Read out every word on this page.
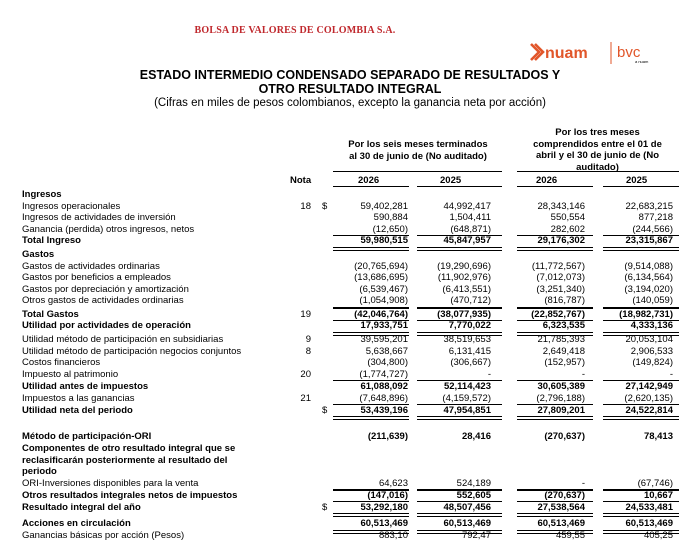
BOLSA DE VALORES DE COLOMBIA S.A.
nuam bvc
a nuam
ESTADO INTERMEDIO CONDENSADO SEPARADO DE RESULTADOS Y
OTRO RESULTADO INTEGRAL
(Cifras en miles de pesos colombianos, excepto la ganancia neta por acción)
Por los seis meses terminados
al 30 de junio de (No auditado)
Por los tres meses
comprendidos entre el 01 de
abril y el 30 de junio de (No
auditado)
Nota	2026	2025	2026	2025
Ingresos
Ingresos operacionales	18 $	59,402,281	44,992,417	28,343,146	22,683,215
Ingresos de actividades de inversión	590,884	1,504,411	550,554	877,218
Ganancia (perdida) otros ingresos, netos	(12,650)	(648,871)	282,602	(244,566)
Total Ingreso	59,980,515	45,847,957	29,176,302	23,315,867
Gastos
Gastos de actividades ordinarias	(20,765,694)	(19,290,696)	(11,772,567)	(9,514,088)
Gastos por beneficios a empleados	(13,686,695)	(11,902,976)	(7,012,073)	(6,134,564)
Gastos por depreciación y amortización	(6,539,467)	(6,413,551)	(3,251,340)	(3,194,020)
Otros gastos de actividades ordinarias	(1,054,908)	(470,712)	(816,787)	(140,059)
Total Gastos	19	(42,046,764)	(38,077,935)	(22,852,767)	(18,982,731)
Utilidad por actividades de operación	17,933,751	7,770,022	6,323,535	4,333,136
Utilidad método de participación en subsidiarias	9	39,595,201	38,519,653	21,785,393	20,053,104
Utilidad método de participación negocios conjuntos	8	5,638,667	6,131,415	2,649,418	2,906,533
Costos financieros	(304,800)	(306,667)	(152,957)	(149,824)
Impuesto al patrimonio	20	(1,774,727)	-	-	-
Utilidad antes de impuestos	61,088,092	52,114,423	30,605,389	27,142,949
Impuestos a las ganancias	21	(7,648,896)	(4,159,572)	(2,796,188)	(2,620,135)
Utilidad neta del periodo	$	53,439,196	47,954,851	27,809,201	24,522,814
Método de participación-ORI	(211,639)	28,416	(270,637)	78,413
Componentes de otro resultado integral que se
reclasificarán posteriormente al resultado del
periodo
ORI-Inversiones disponibles para la venta	64,623	524,189	-	(67,746)
Otros resultados integrales netos de impuestos	(147,016)	552,605	(270,637)	10,667
Resultado integral del año	$	53,292,180	48,507,456	27,538,564	24,533,481
Acciones en circulación	60,513,469	60,513,469	60,513,469	60,513,469
Ganancias básicas por acción (Pesos)	883,10	792,47	459,55	405,25
